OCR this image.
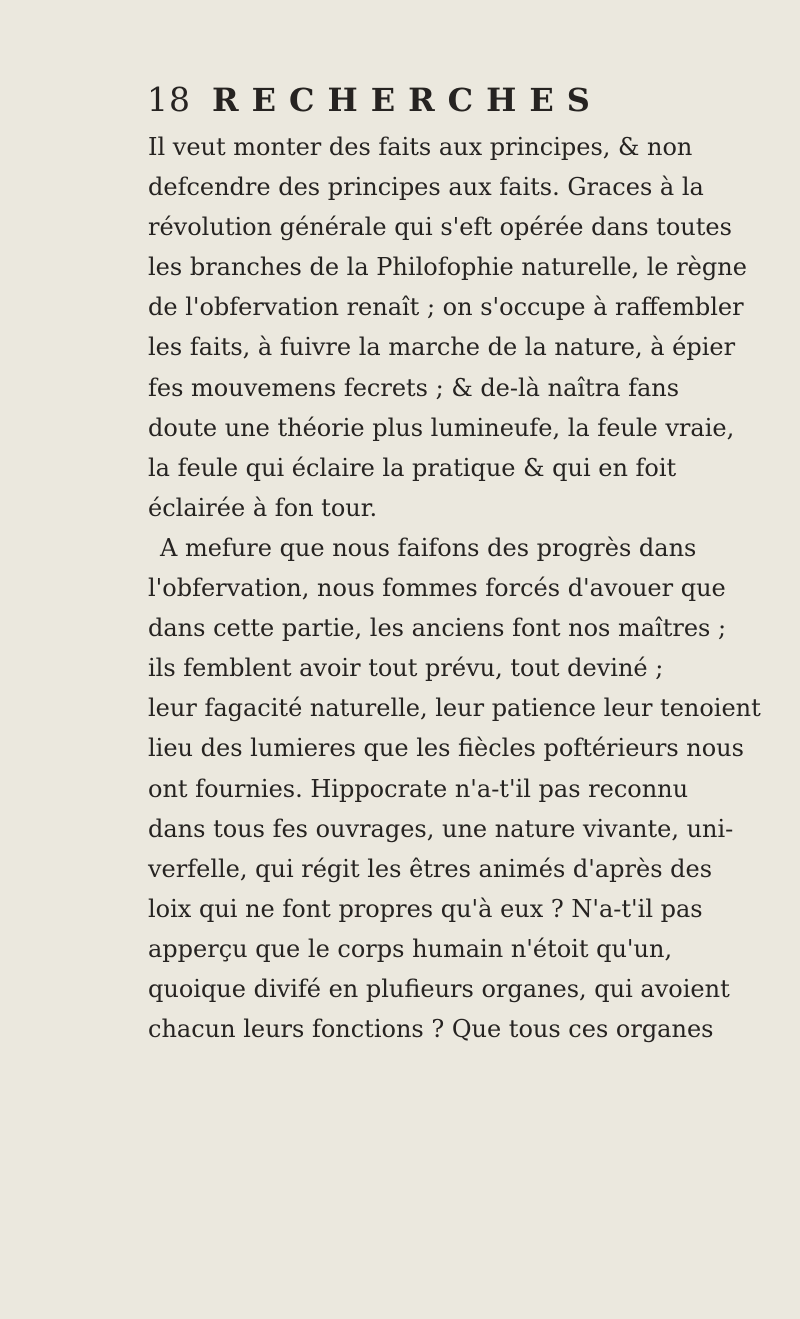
18 RECHERCHES
Il veut monter des faits aux principes, & non
defcendre des principes aux faits. Graces à la
révolution générale qui s'eft opérée dans toutes
les branches de la Philofophie naturelle, le règne
de l'obfervation renaît ; on s'occupe à raffembler
les faits, à fuivre la marche de la nature, à épier
fes mouvemens fecrets ; & de-là naîtra fans
doute une théorie plus lumineufe, la feule vraie,
la feule qui éclaire la pratique & qui en foit
éclairée à fon tour.
A mefure que nous faifons des progrès dans
l'obfervation, nous fommes forcés d'avouer que
dans cette partie, les anciens font nos maîtres ;
ils femblent avoir tout prévu, tout deviné ;
leur fagacité naturelle, leur patience leur tenoient
lieu des lumieres que les fiècles poftérieurs nous
ont fournies. Hippocrate n'a-t'il pas reconnu
dans tous fes ouvrages, une nature vivante, uni-
verfelle, qui régit les êtres animés d'après des
loix qui ne font propres qu'à eux ? N'a-t'il pas
apperçu que le corps humain n'étoit qu'un,
quoique divifé en plufieurs organes, qui avoient
chacun leurs fonctions ? Que tous ces organes
